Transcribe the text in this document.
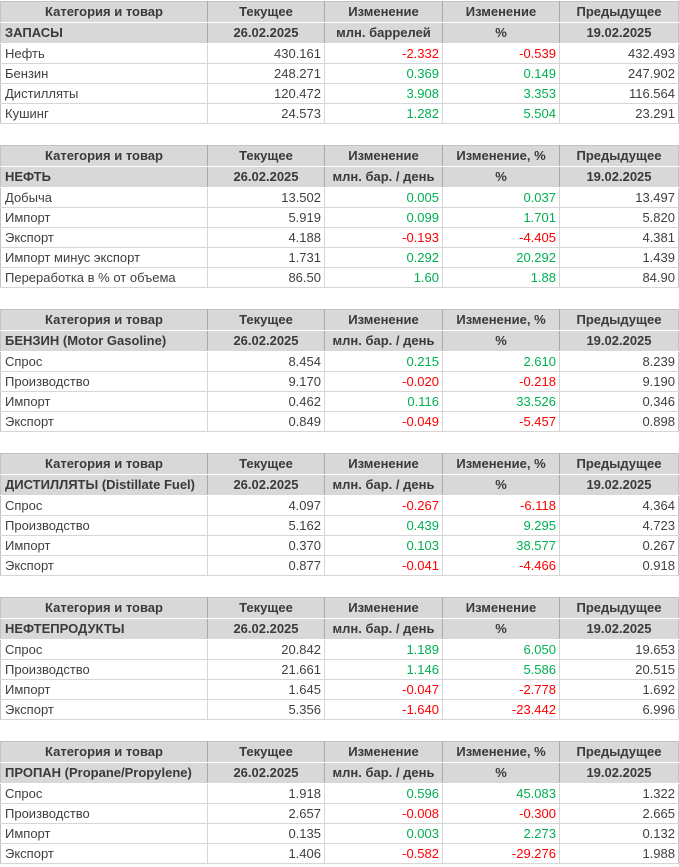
Категория и товар	Текущее	Изменение	Изменение	Предыдущее
ЗАПАСЫ	26.02.2025	млн. баррелей	%	19.02.2025
Нефть	430.161	-2.332	-0.539	432.493
Бензин	248.271	0.369	0.149	247.902
Дистилляты	120.472	3.908	3.353	116.564
Кушинг	24.573	1.282	5.504	23.291
Категория и товар	Текущее	Изменение	Изменение, %	Предыдущее
НЕФТЬ	26.02.2025	млн. бар. / день	%	19.02.2025
Добыча	13.502	0.005	0.037	13.497
Импорт	5.919	0.099	1.701	5.820
Экспорт	4.188	-0.193	-4.405	4.381
Импорт минус экспорт	1.731	0.292	20.292	1.439
Переработка в % от объема	86.50	1.60	1.88	84.90
Категория и товар	Текущее	Изменение	Изменение, %	Предыдущее
БЕНЗИН (Motor Gasoline)	26.02.2025	млн. бар. / день	%	19.02.2025
Спрос	8.454	0.215	2.610	8.239
Производство	9.170	-0.020	-0.218	9.190
Импорт	0.462	0.116	33.526	0.346
Экспорт	0.849	-0.049	-5.457	0.898
Категория и товар	Текущее	Изменение	Изменение, %	Предыдущее
ДИСТИЛЛЯТЫ (Distillate Fuel)	26.02.2025	млн. бар. / день	%	19.02.2025
Спрос	4.097	-0.267	-6.118	4.364
Производство	5.162	0.439	9.295	4.723
Импорт	0.370	0.103	38.577	0.267
Экспорт	0.877	-0.041	-4.466	0.918
Категория и товар	Текущее	Изменение	Изменение	Предыдущее
НЕФТЕПРОДУКТЫ	26.02.2025	млн. бар. / день	%	19.02.2025
Спрос	20.842	1.189	6.050	19.653
Производство	21.661	1.146	5.586	20.515
Импорт	1.645	-0.047	-2.778	1.692
Экспорт	5.356	-1.640	-23.442	6.996
Категория и товар	Текущее	Изменение	Изменение, %	Предыдущее
ПРОПАН (Propane/Propylene)	26.02.2025	млн. бар. / день	%	19.02.2025
Спрос	1.918	0.596	45.083	1.322
Производство	2.657	-0.008	-0.300	2.665
Импорт	0.135	0.003	2.273	0.132
Экспорт	1.406	-0.582	-29.276	1.988
